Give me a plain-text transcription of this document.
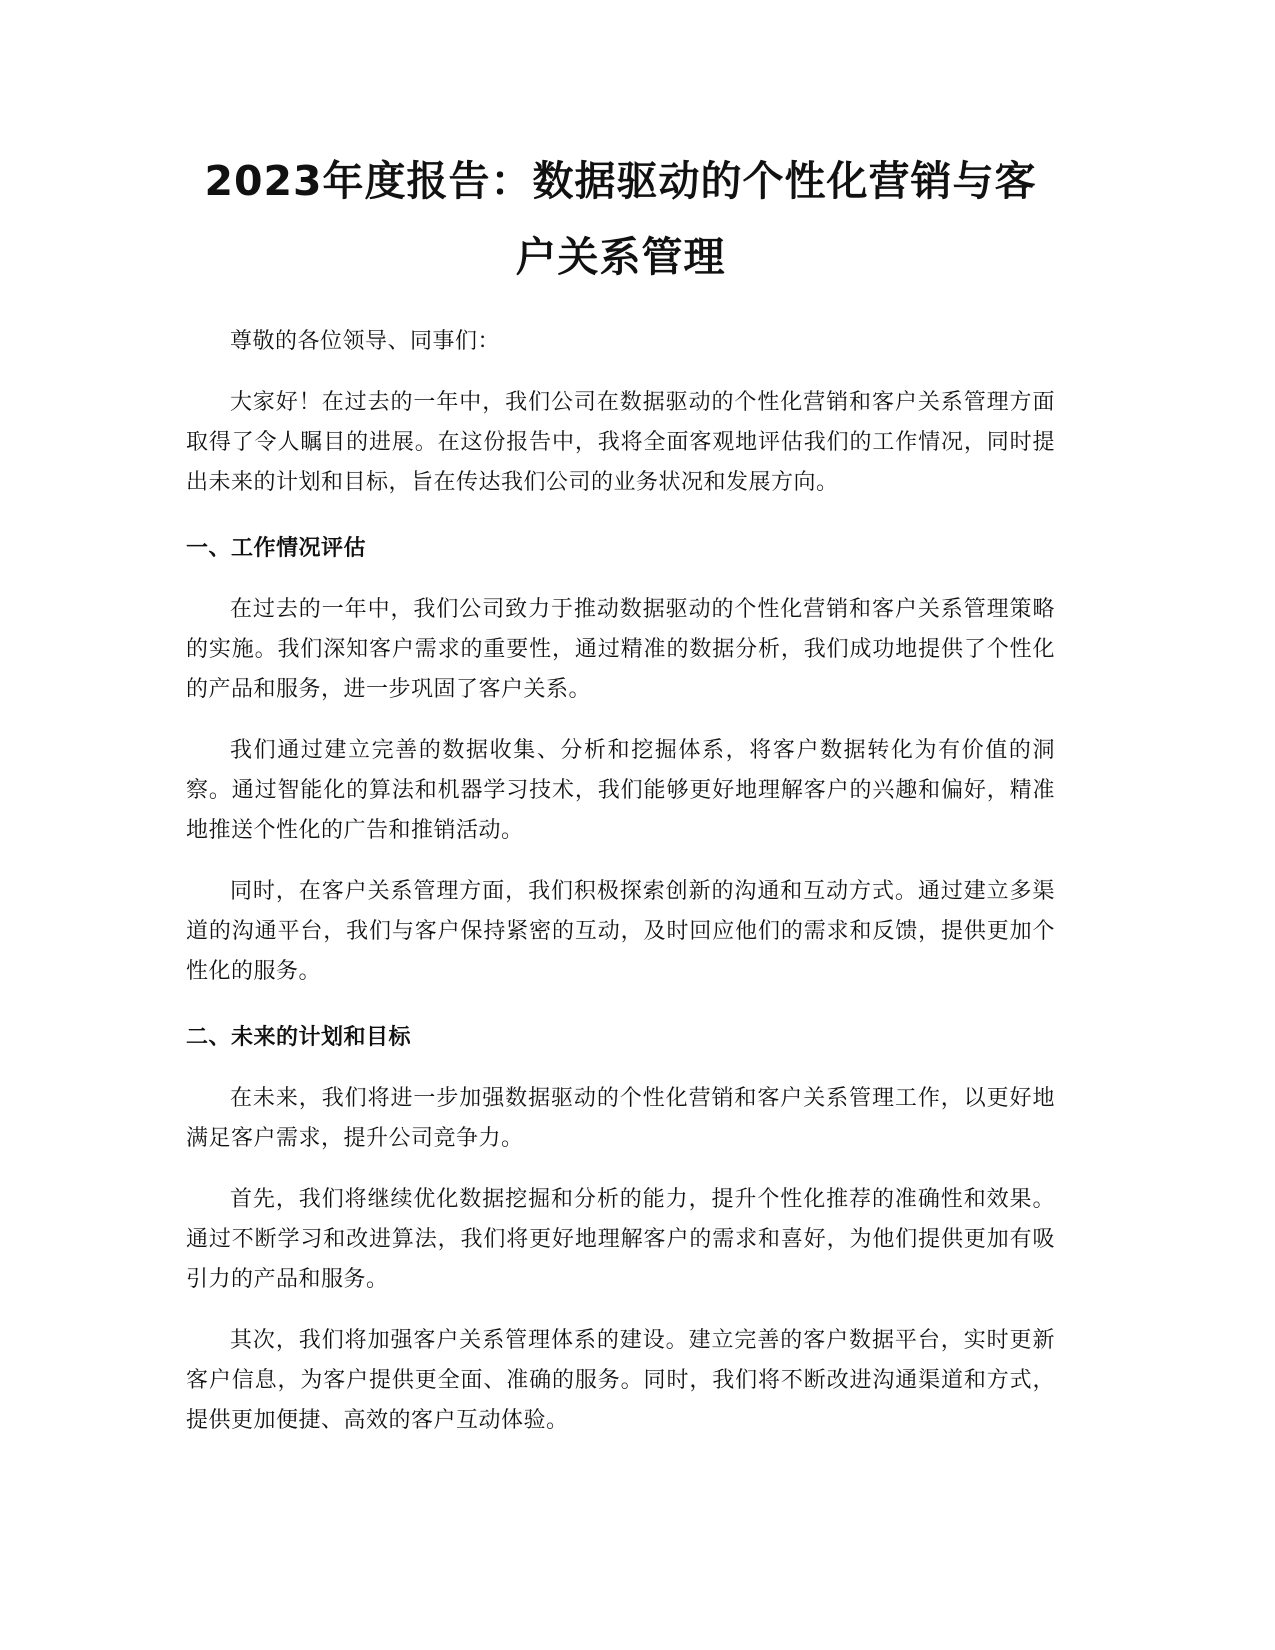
2023年度报告：数据驱动的个性化营销与客户关系管理

尊敬的各位领导、同事们：

大家好！在过去的一年中，我们公司在数据驱动的个性化营销和客户关系管理方面取得了令人瞩目的进展。在这份报告中，我将全面客观地评估我们的工作情况，同时提出未来的计划和目标，旨在传达我们公司的业务状况和发展方向。

一、工作情况评估

在过去的一年中，我们公司致力于推动数据驱动的个性化营销和客户关系管理策略的实施。我们深知客户需求的重要性，通过精准的数据分析，我们成功地提供了个性化的产品和服务，进一步巩固了客户关系。

我们通过建立完善的数据收集、分析和挖掘体系，将客户数据转化为有价值的洞察。通过智能化的算法和机器学习技术，我们能够更好地理解客户的兴趣和偏好，精准地推送个性化的广告和推销活动。

同时，在客户关系管理方面，我们积极探索创新的沟通和互动方式。通过建立多渠道的沟通平台，我们与客户保持紧密的互动，及时回应他们的需求和反馈，提供更加个性化的服务。

二、未来的计划和目标

在未来，我们将进一步加强数据驱动的个性化营销和客户关系管理工作，以更好地满足客户需求，提升公司竞争力。

首先，我们将继续优化数据挖掘和分析的能力，提升个性化推荐的准确性和效果。通过不断学习和改进算法，我们将更好地理解客户的需求和喜好，为他们提供更加有吸引力的产品和服务。

其次，我们将加强客户关系管理体系的建设。建立完善的客户数据平台，实时更新客户信息，为客户提供更全面、准确的服务。同时，我们将不断改进沟通渠道和方式，提供更加便捷、高效的客户互动体验。
